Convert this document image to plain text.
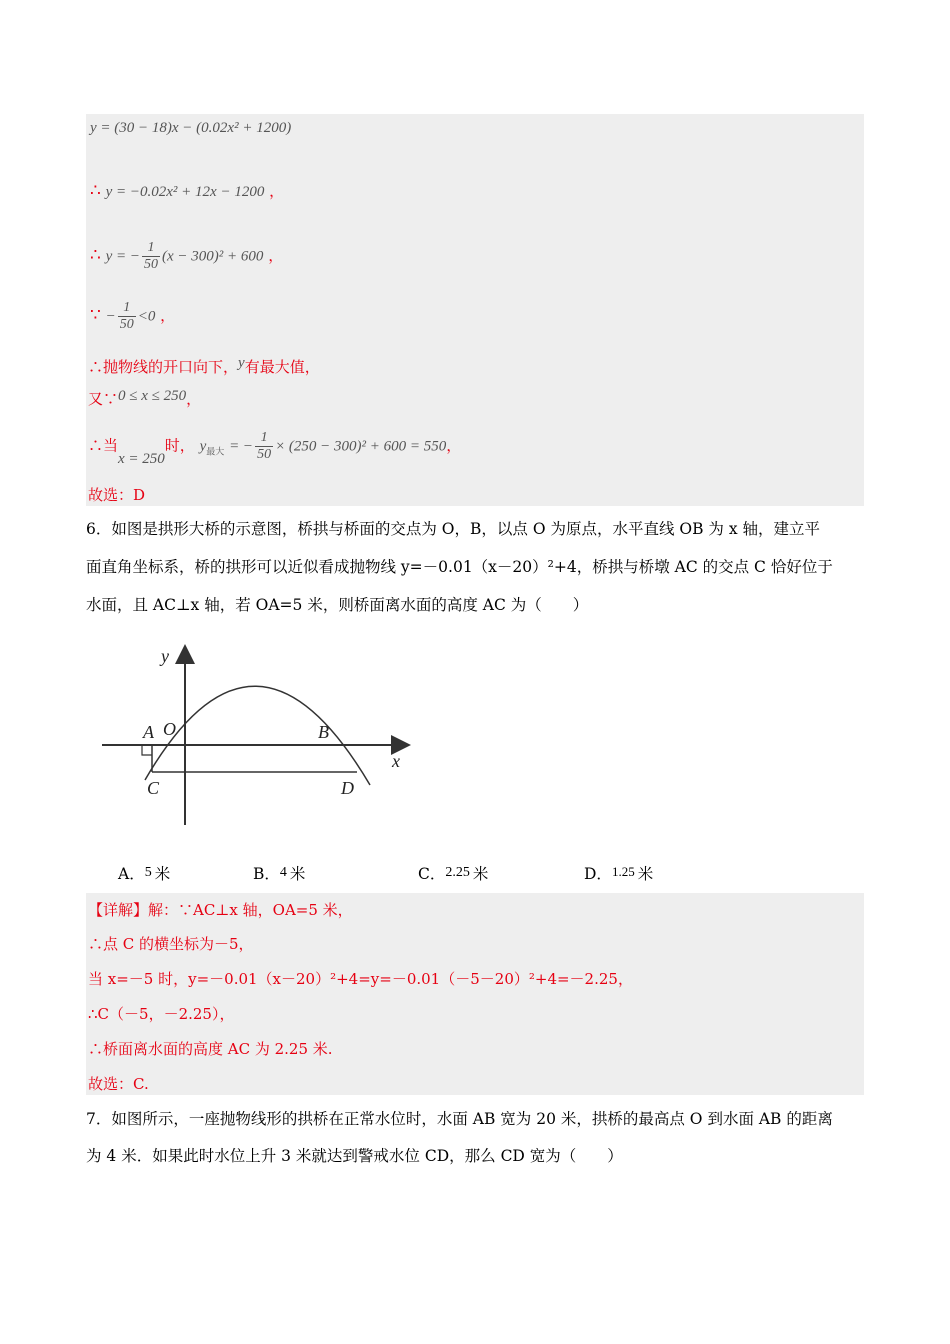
y = (30 − 18)x − (0.02x² + 1200)
∴ y = −0.02x² + 12x − 1200 ，
∴ y = − $\frac{1}{50} (x - 300)^2 + 600$ ，
∵ − $\frac{1}{50} <0$ ，
∴抛物线的开口向下，y有最大值，
又∵0 ≤ x ≤ 250，
∴当x = 250时， $y_{最大}$ = − $\frac{1}{50} \times (250 - 300)^2 + 600 = 550$，
故选：D
6．如图是拱形大桥的示意图，桥拱与桥面的交点为 O，B，以点 O 为原点，水平直线 OB 为 x 轴，建立平
面直角坐标系，桥的拱形可以近似看成抛物线 y=－0.01（x－20）²+4，桥拱与桥墩 AC 的交点 C 恰好位于
水面，且 AC⊥x 轴，若 OA=5 米，则桥面离水面的高度 AC 为（　　）
y
x
A O	B
C	D
A．5 米	B．4 米	C．2.25 米	D．1.25 米
【详解】解：∵AC⊥x 轴，OA=5 米，
∴点 C 的横坐标为－5，
当 x=－5 时，y=－0.01（x－20）²+4=y=－0.01（－5－20）²+4=－2.25，
∴C（－5，－2.25），
∴桥面离水面的高度 AC 为 2.25 米.
故选：C.
7．如图所示，一座抛物线形的拱桥在正常水位时，水面 AB 宽为 20 米，拱桥的最高点 O 到水面 AB 的距离
为 4 米．如果此时水位上升 3 米就达到警戒水位 CD，那么 CD 宽为（　　）
